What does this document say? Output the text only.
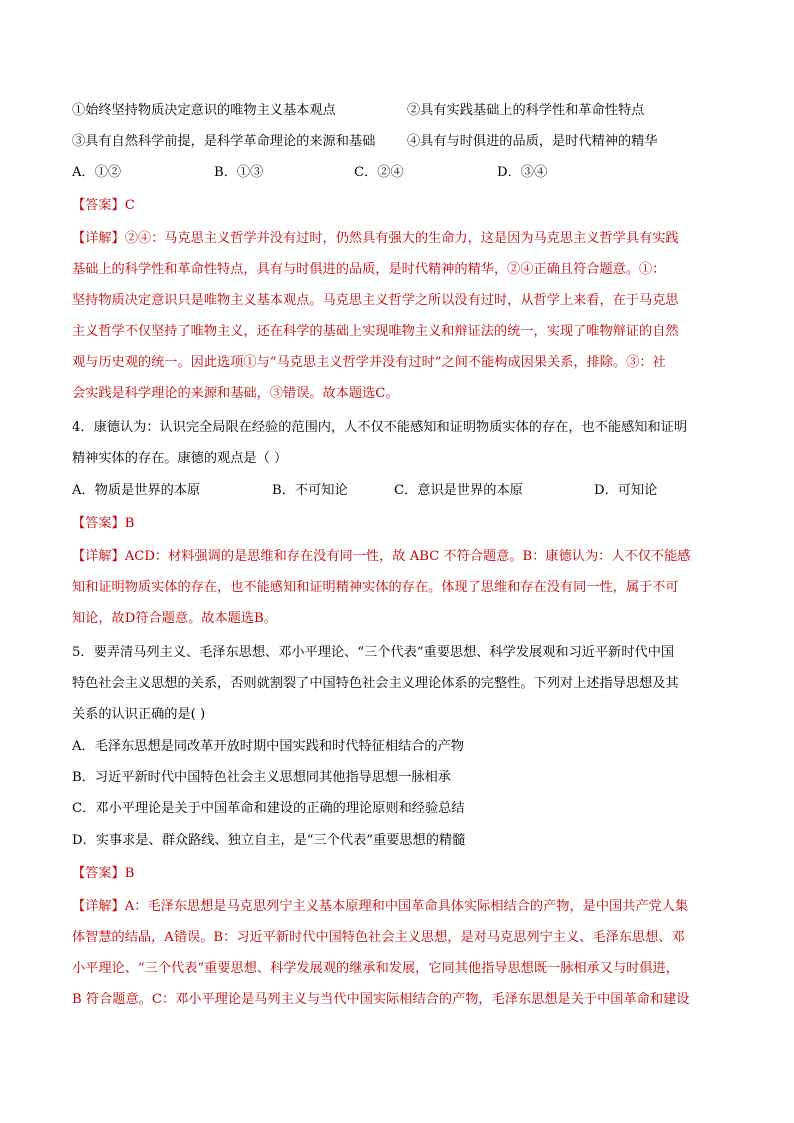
①始终坚持物质决定意识的唯物主义基本观点	②具有实践基础上的科学性和革命性特点
③具有自然科学前提，是科学革命理论的来源和基础 ④具有与时俱进的品质，是时代精神的精华
A．①②	B．①③	C．②④	D．③④
【答案】C
【详解】②④：马克思主义哲学并没有过时，仍然具有强大的生命力，这是因为马克思主义哲学具有实践
基础上的科学性和革命性特点，具有与时俱进的品质，是时代精神的精华，②④正确且符合题意。①：
坚持物质决定意识只是唯物主义基本观点。马克思主义哲学之所以没有过时，从哲学上来看，在于马克思
主义哲学不仅坚持了唯物主义，还在科学的基础上实现唯物主义和辩证法的统一，实现了唯物辩证的自然
观与历史观的统一。因此选项①与“马克思主义哲学并没有过时”之间不能构成因果关系，排除。③：社
会实践是科学理论的来源和基础，③错误。故本题选C。
4．康德认为：认识完全局限在经验的范围内，人不仅不能感知和证明物质实体的存在，也不能感知和证明
精神实体的存在。康德的观点是（ ）
A．物质是世界的本原	B．不可知论	C．意识是世界的本原	D．可知论
【答案】B
【详解】ACD：材料强调的是思维和存在没有同一性，故 ABC 不符合题意。B：康德认为：人不仅不能感
知和证明物质实体的存在，也不能感知和证明精神实体的存在。体现了思维和存在没有同一性，属于不可
知论，故D符合题意。故本题选B。
5．要弄清马列主义、毛泽东思想、邓小平理论、“三个代表”重要思想、科学发展观和习近平新时代中国
特色社会主义思想的关系，否则就割裂了中国特色社会主义理论体系的完整性。下列对上述指导思想及其
关系的认识正确的是( )
A．毛泽东思想是同改革开放时期中国实践和时代特征相结合的产物
B．习近平新时代中国特色社会主义思想同其他指导思想一脉相承
C．邓小平理论是关于中国革命和建设的正确的理论原则和经验总结
D．实事求是、群众路线、独立自主，是“三个代表”重要思想的精髓
【答案】B
【详解】A：毛泽东思想是马克思列宁主义基本原理和中国革命具体实际相结合的产物，是中国共产党人集
体智慧的结晶，A错误。B：习近平新时代中国特色社会主义思想，是对马克思列宁主义、毛泽东思想、邓
小平理论、“三个代表”重要思想、科学发展观的继承和发展，它同其他指导思想既一脉相承又与时俱进，
B 符合题意。C：邓小平理论是马列主义与当代中国实际相结合的产物，毛泽东思想是关于中国革命和建设
